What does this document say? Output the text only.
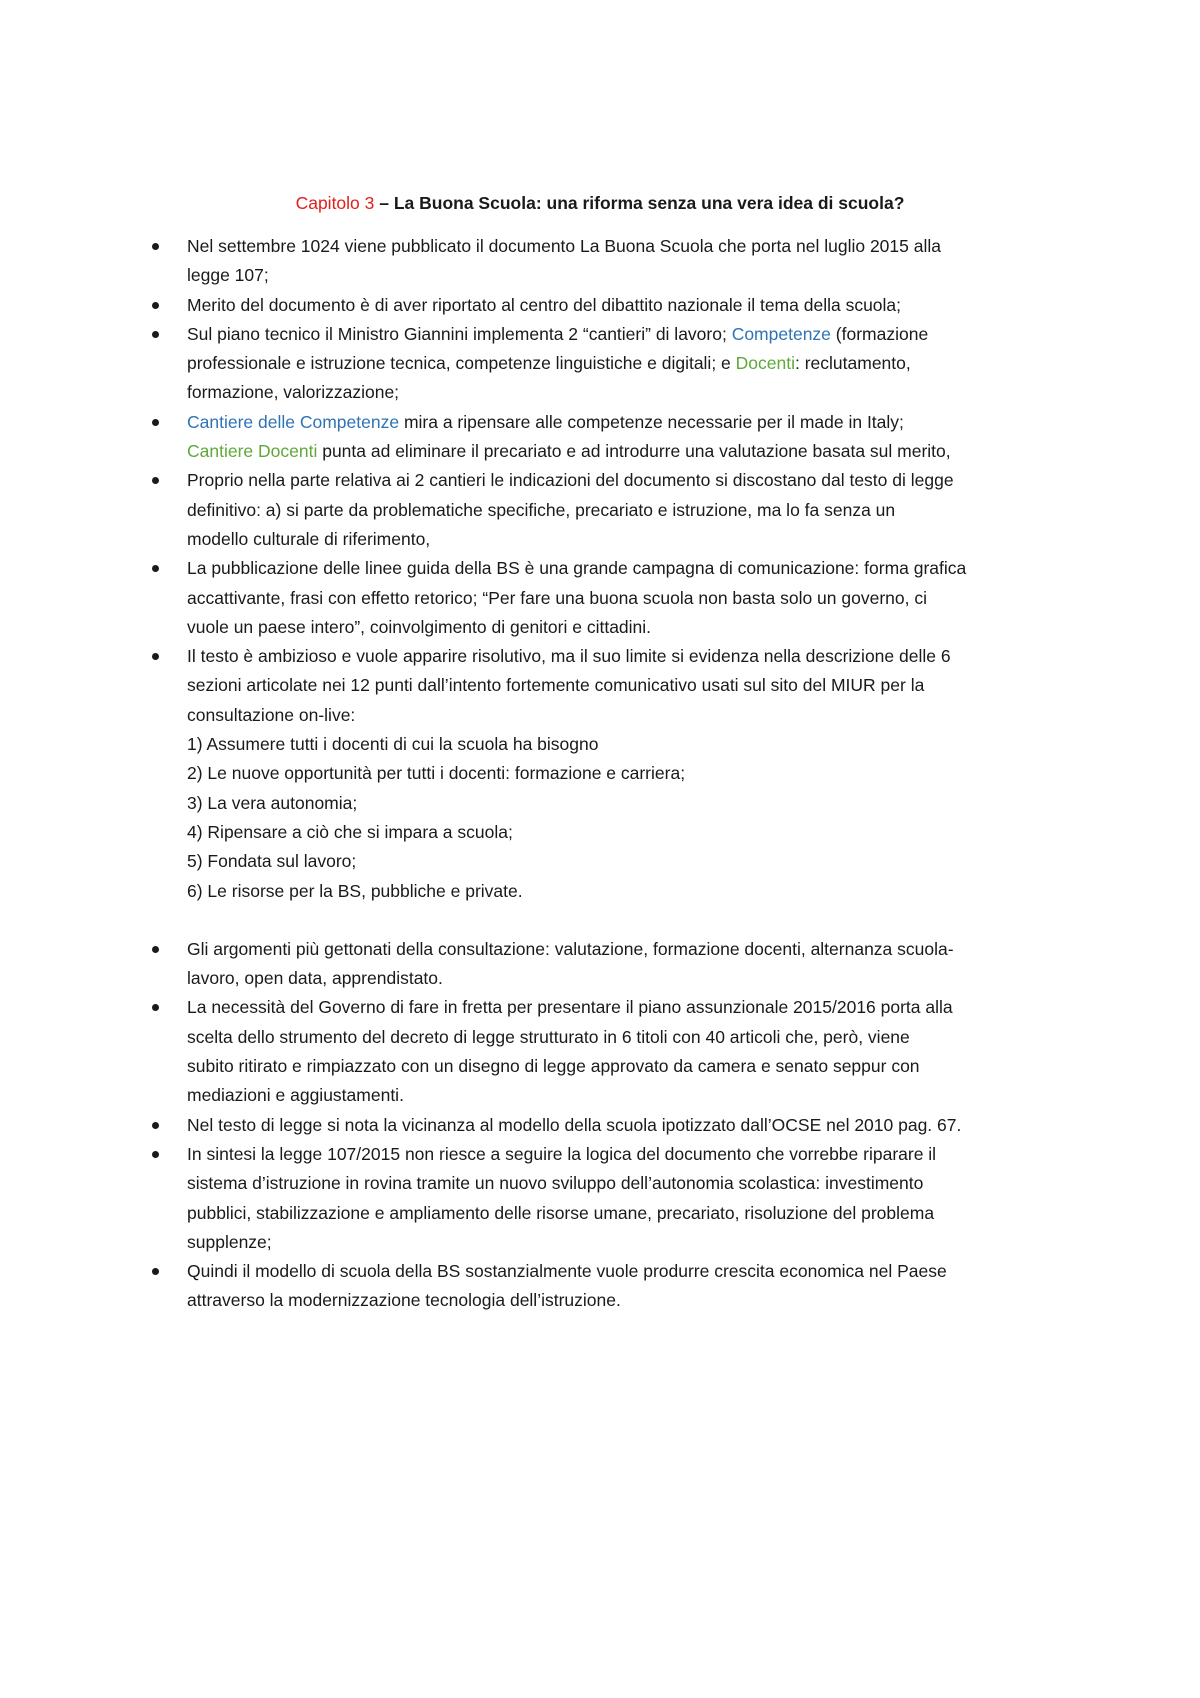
Capitolo 3 – La Buona Scuola: una riforma senza una vera idea di scuola?
Nel settembre 1024 viene pubblicato il documento La Buona Scuola che porta nel luglio 2015 alla
legge 107;
Merito del documento è di aver riportato al centro del dibattito nazionale il tema della scuola;
Sul piano tecnico il Ministro Giannini implementa 2 “cantieri” di lavoro; Competenze (formazione
professionale e istruzione tecnica, competenze linguistiche e digitali; e Docenti: reclutamento,
formazione, valorizzazione;
Cantiere delle Competenze mira a ripensare alle competenze necessarie per il made in Italy;
Cantiere Docenti punta ad eliminare il precariato e ad introdurre una valutazione basata sul merito,
Proprio nella parte relativa ai 2 cantieri le indicazioni del documento si discostano dal testo di legge
definitivo: a) si parte da problematiche specifiche, precariato e istruzione, ma lo fa senza un
modello culturale di riferimento,
La pubblicazione delle linee guida della BS è una grande campagna di comunicazione: forma grafica
accattivante, frasi con effetto retorico; “Per fare una buona scuola non basta solo un governo, ci
vuole un paese intero”, coinvolgimento di genitori e cittadini.
Il testo è ambizioso e vuole apparire risolutivo, ma il suo limite si evidenza nella descrizione delle 6
sezioni articolate nei 12 punti dall’intento fortemente comunicativo usati sul sito del MIUR per la
consultazione on-live:
1) Assumere tutti i docenti di cui la scuola ha bisogno
2) Le nuove opportunità per tutti i docenti: formazione e carriera;
3) La vera autonomia;
4) Ripensare a ciò che si impara a scuola;
5) Fondata sul lavoro;
6) Le risorse per la BS, pubbliche e private.
Gli argomenti più gettonati della consultazione: valutazione, formazione docenti, alternanza scuola-
lavoro, open data, apprendistato.
La necessità del Governo di fare in fretta per presentare il piano assunzionale 2015/2016 porta alla
scelta dello strumento del decreto di legge strutturato in 6 titoli con 40 articoli che, però, viene
subito ritirato e rimpiazzato con un disegno di legge approvato da camera e senato seppur con
mediazioni e aggiustamenti.
Nel testo di legge si nota la vicinanza al modello della scuola ipotizzato dall’OCSE nel 2010 pag. 67.
In sintesi la legge 107/2015 non riesce a seguire la logica del documento che vorrebbe riparare il
sistema d’istruzione in rovina tramite un nuovo sviluppo dell’autonomia scolastica: investimento
pubblici, stabilizzazione e ampliamento delle risorse umane, precariato, risoluzione del problema
supplenze;
Quindi il modello di scuola della BS sostanzialmente vuole produrre crescita economica nel Paese
attraverso la modernizzazione tecnologia dell’istruzione.
